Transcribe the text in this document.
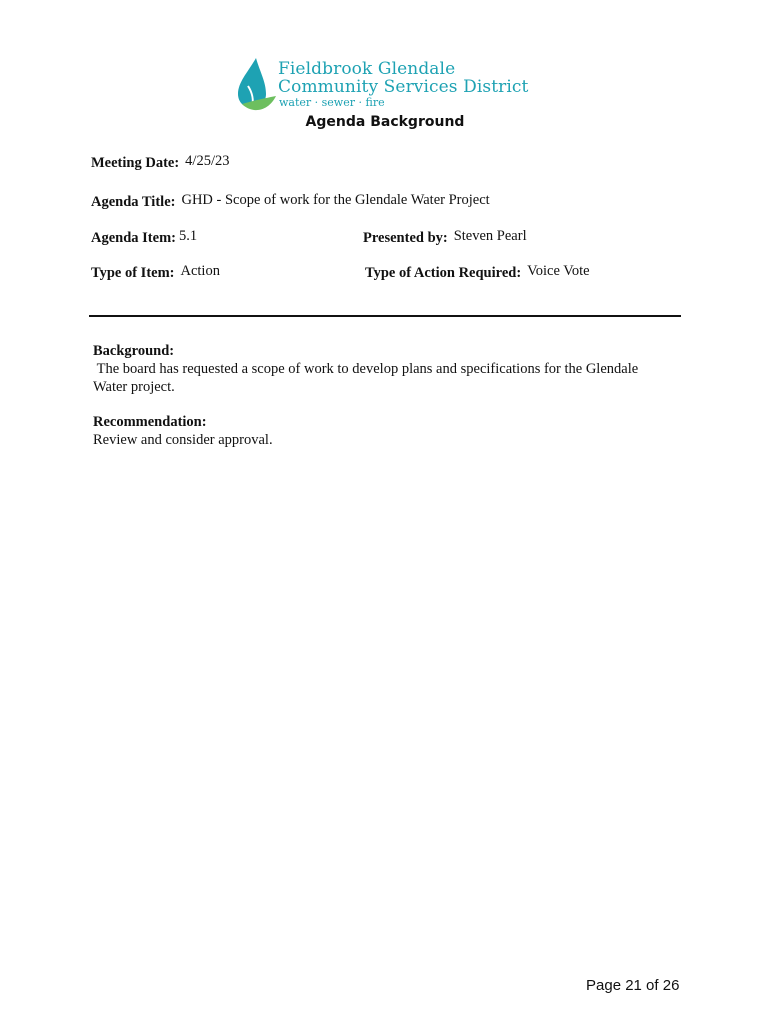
Fieldbrook Glendale
Community Services District
water · sewer · fire
Agenda Background
Meeting Date: 4/25/23
Agenda Title: GHD - Scope of work for the Glendale Water Project
Agenda Item: 5.1	Presented by: Steven Pearl
Type of Item: Action	Type of Action Required: Voice Vote
Background:
The board has requested a scope of work to develop plans and specifications for the Glendale Water project.
Recommendation:
Review and consider approval.
Page 21 of 26
